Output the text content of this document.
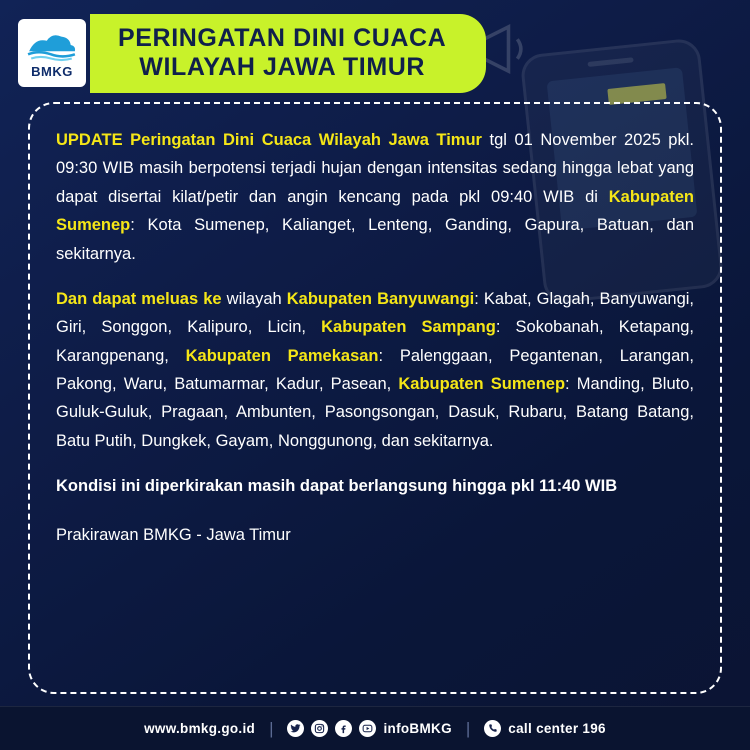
BMKG
PERINGATAN DINI CUACA
WILAYAH JAWA TIMUR

UPDATE Peringatan Dini Cuaca Wilayah Jawa Timur tgl 01 November 2025 pkl. 09:30 WIB masih berpotensi terjadi hujan dengan intensitas sedang hingga lebat yang dapat disertai kilat/petir dan angin kencang pada pkl 09:40 WIB di Kabupaten Sumenep: Kota Sumenep, Kalianget, Lenteng, Ganding, Gapura, Batuan, dan sekitarnya.

Dan dapat meluas ke wilayah Kabupaten Banyuwangi: Kabat, Glagah, Banyuwangi, Giri, Songgon, Kalipuro, Licin, Kabupaten Sampang: Sokobanah, Ketapang, Karangpenang, Kabupaten Pamekasan: Palenggaan, Pegantenan, Larangan, Pakong, Waru, Batumarmar, Kadur, Pasean, Kabupaten Sumenep: Manding, Bluto, Guluk-Guluk, Pragaan, Ambunten, Pasongsongan, Dasuk, Rubaru, Batang Batang, Batu Putih, Dungkek, Gayam, Nonggunong, dan sekitarnya.

Kondisi ini diperkirakan masih dapat berlangsung hingga pkl 11:40 WIB

Prakirawan BMKG - Jawa Timur

www.bmkg.go.id |	infoBMKG |	call center 196
